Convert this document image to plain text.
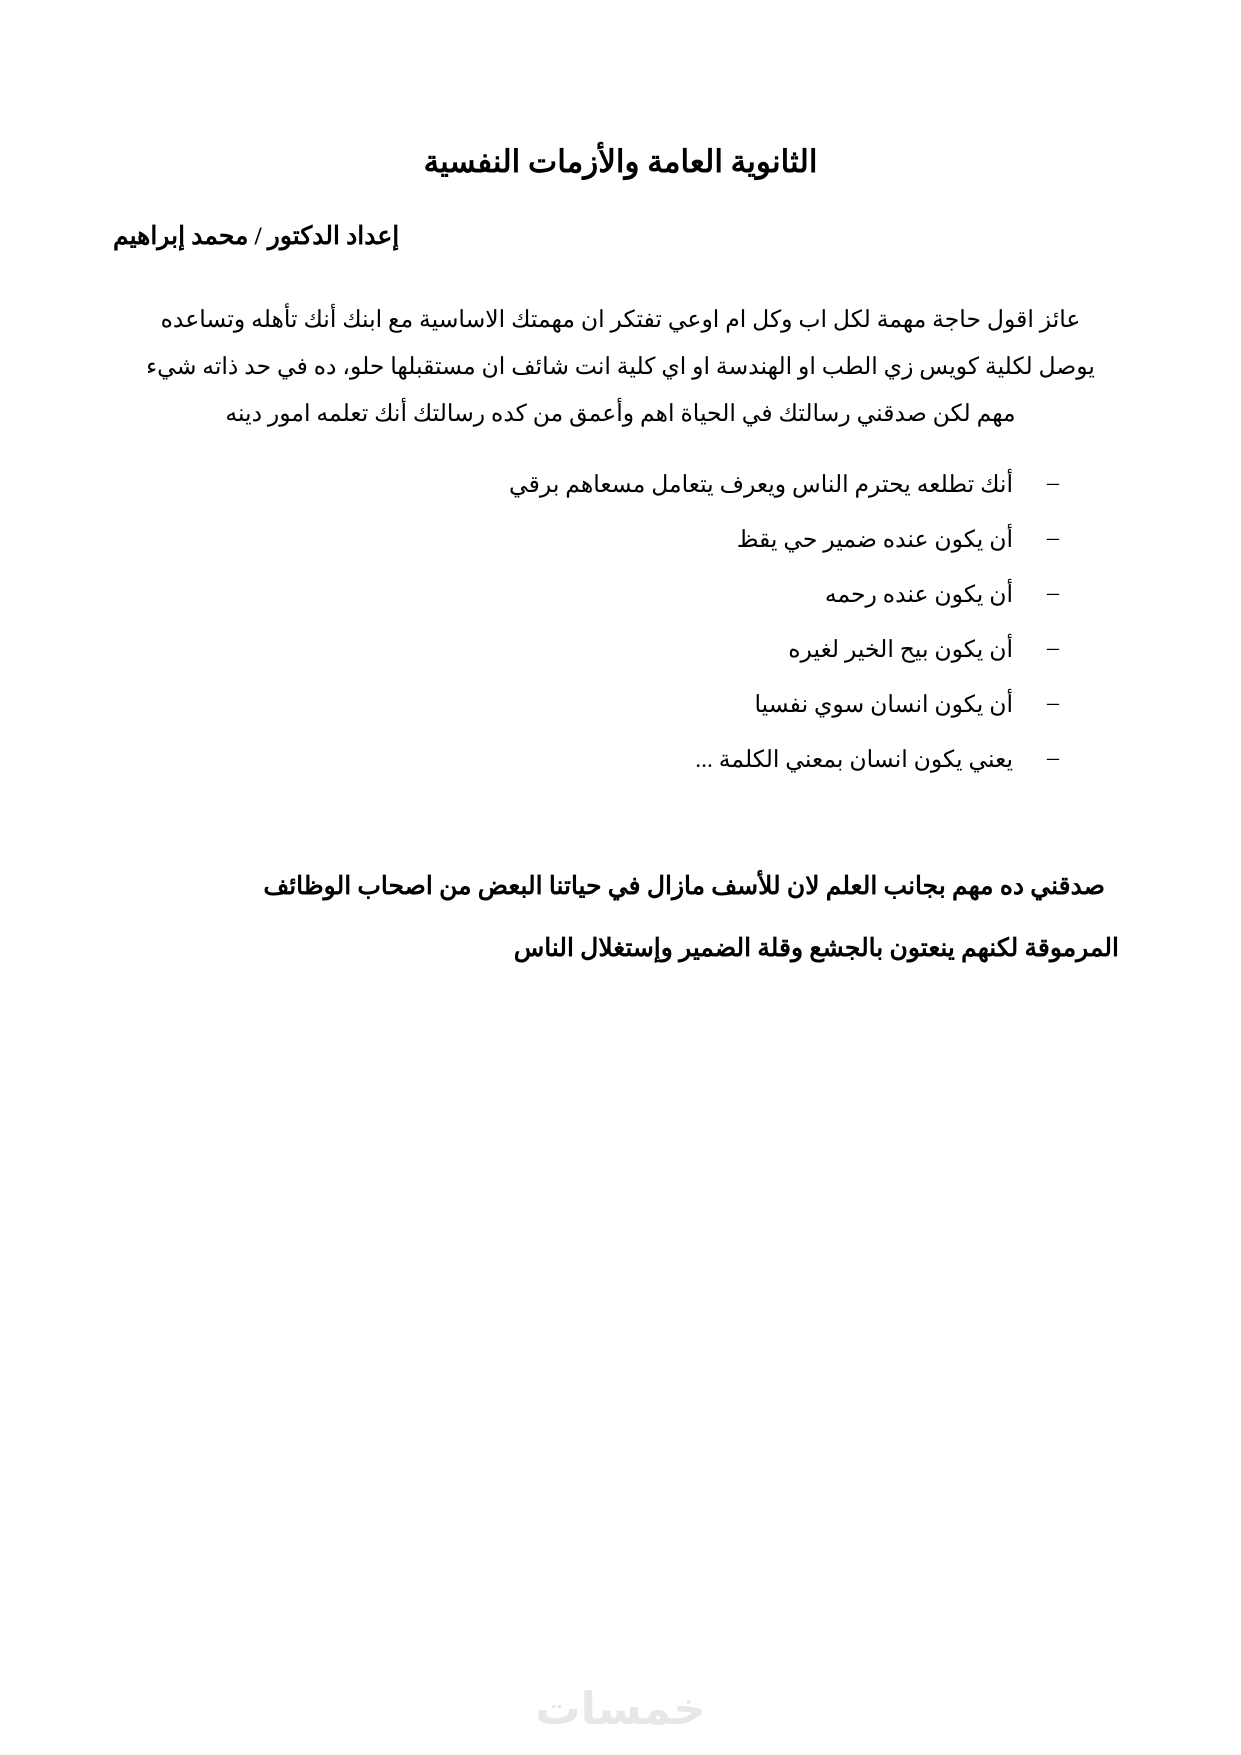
الثانوية العامة والأزمات النفسية
إعداد الدكتور / محمد إبراهيم
عائز اقول حاجة مهمة لكل اب وكل ام اوعي تفتكر ان مهمتك الاساسية مع ابنك أنك تأهله وتساعده
يوصل لكلية كويس زي الطب او الهندسة او اي كلية انت شائف ان مستقبلها حلو، ده في حد ذاته شيء
مهم لكن صدقني رسالتك في الحياة اهم وأعمق من كده رسالتك أنك تعلمه امور دينه
–
أنك تطلعه يحترم الناس ويعرف يتعامل مسعاهم برقي
–
أن يكون عنده ضمير حي يقظ
–
أن يكون عنده رحمه
–
أن يكون بيح الخير لغيره
–
أن يكون انسان سوي نفسيا
–
يعني يكون انسان بمعني الكلمة ...
صدقني ده مهم بجانب العلم لان للأسف مازال في حياتنا البعض من اصحاب الوظائف
المرموقة لكنهم ينعتون بالجشع وقلة الضمير وإستغلال الناس
خمسات
